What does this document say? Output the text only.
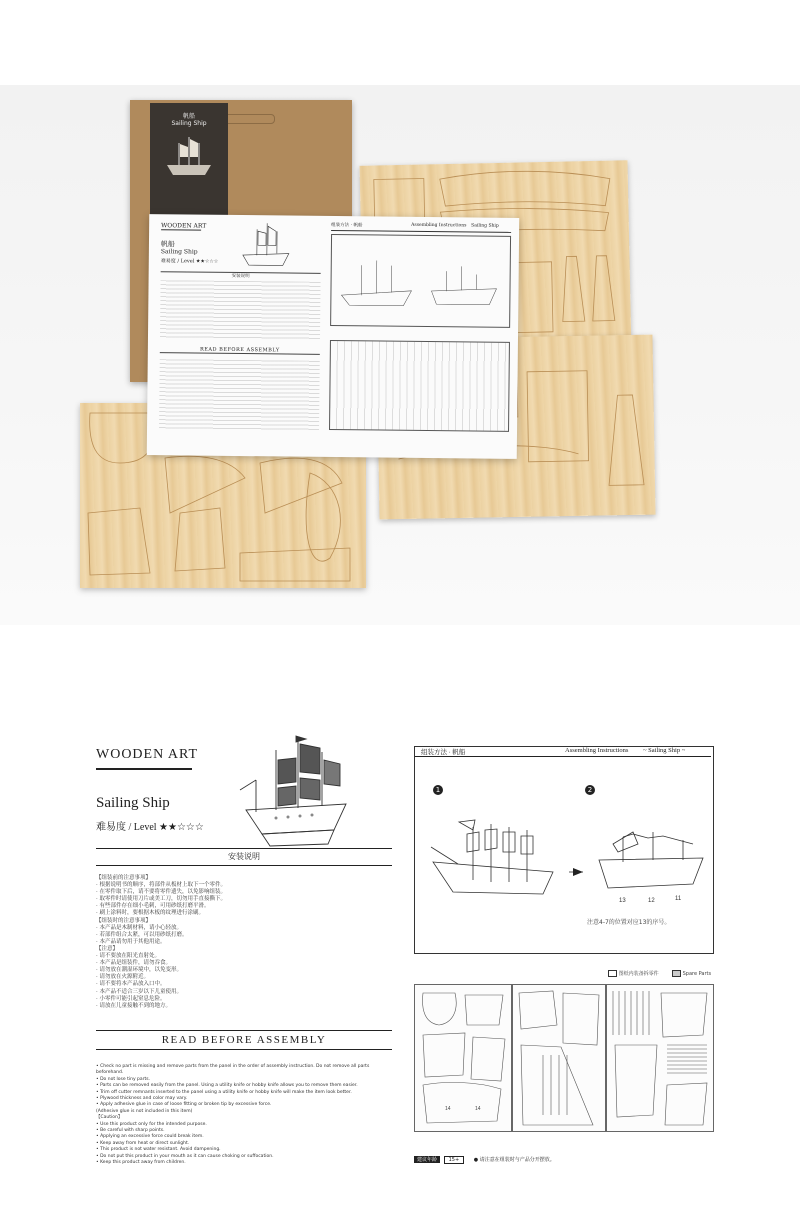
帆船
Sailing Ship
WOODEN ART
帆船
Sailing Ship
难易度 / Level ★★☆☆☆
安装说明
READ BEFORE ASSEMBLY
组装方法 · 帆船	Assembling Instructions Sailing Ship
WOODEN ART
Sailing Ship
难易度 / Level ★★☆☆☆
安装说明
【组装前的注意事项】
· 根据说明书的顺序，将部件从板材上取下一个零件。
· 在零件取下后，请不要将零件遗失，以免影响组装。
· 取零件时请使用刀片或美工刀，切勿用手直接撕下。
· 有些部件存在细小毛刺，可用砂纸打磨平滑。
· 刷上涂料时，要根据木板的纹理进行涂刷。
【组装时的注意事项】
· 本产品是木制材料，请小心轻放。
· 若部件组合太紧，可以用砂纸打磨。
· 本产品请勿用于其他用途。
【注意】
· 请不要放在阳光直射处。
· 本产品是组装件，请勿吞食。
· 请勿放在潮湿环境中，以免变形。
· 请勿放在火源附近。
· 请不要将本产品放入口中。
· 本产品不适合三岁以下儿童使用。
· 小零件可能引起窒息危险。
· 请放在儿童接触不到的地方。
READ BEFORE ASSEMBLY
• Check no part is missing and remove parts from the panel in the order of assembly instruction. Do not remove all parts beforehand.
• Do not lose tiny parts.
• Parts can be removed easily from the panel. Using a utility knife or hobby knife allows you to remove them easier.
• Trim off cutter remnants inserted to the panel using a utility knife or hobby knife will make the item look better.
• Plywood thickness and color may vary.
• Apply adhesive glue in case of loose fitting or broken tip by excessive force.
(Adhesive glue is not included in this item)
【Caution】
• Use this product only for the intended purpose.
• Be careful with sharp points.
• Applying an excessive force could break item.
• Keep away from heat or direct sunlight.
• This product is not water resistant. Avoid dampening.
• Do not put this product in your mouth as it can cause choking or suffocation.
• Keep this product away from children.
组装方法 · 帆船	Assembling Instructions ~ Sailing Ship ~
1	2
13	12	11
注意4-7的位置对应13的序号。
图纸内装备拆零件	Spare Parts
14	14
建议年龄 15+	● 请注意在组装时与产品分开摆放。
